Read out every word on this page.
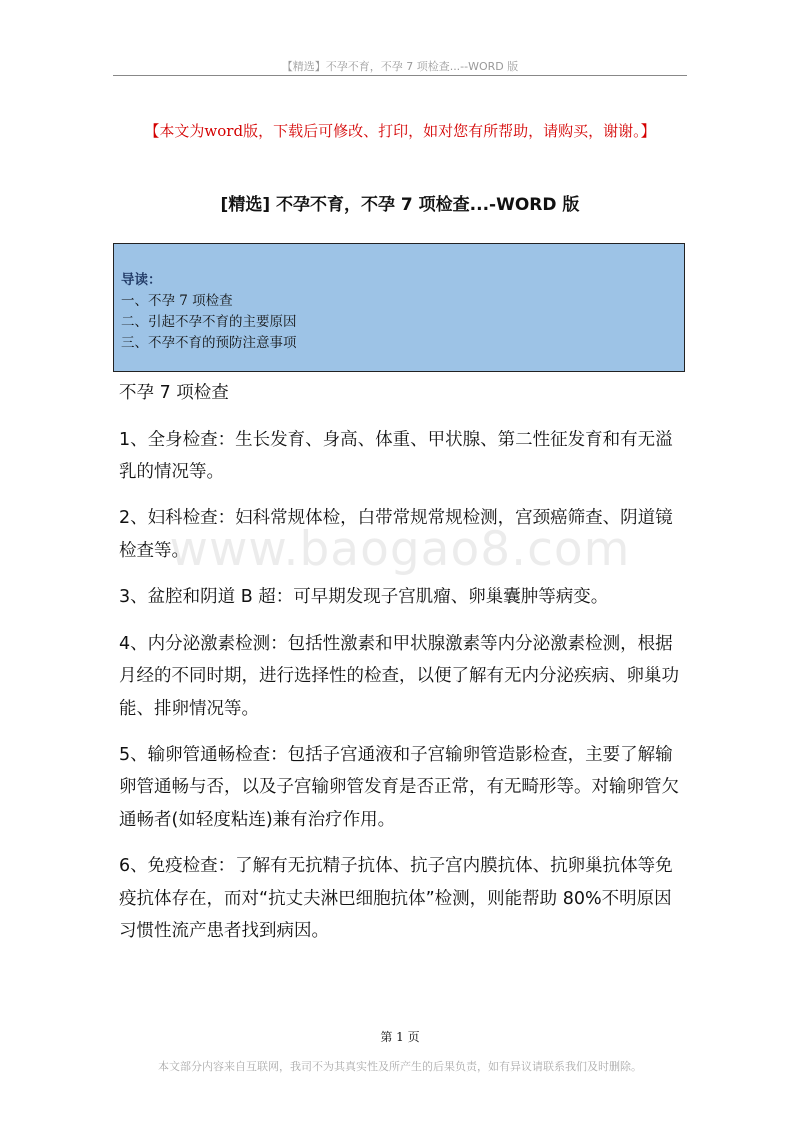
【精选】不孕不育，不孕 7 项检查...--WORD 版
【本文为word版，下载后可修改、打印，如对您有所帮助，请购买，谢谢。】
[精选] 不孕不育，不孕 7 项检查...-WORD 版
导读：
一、不孕 7 项检查
二、引起不孕不育的主要原因
三、不孕不育的预防注意事项
www.baogao8.com

不孕 7 项检查

1、全身检查：生长发育、身高、体重、甲状腺、第二性征发育和有无溢乳的情况等。

2、妇科检查：妇科常规体检，白带常规常规检测，宫颈癌筛查、阴道镜检查等。

3、盆腔和阴道 B 超：可早期发现子宫肌瘤、卵巢囊肿等病变。

4、内分泌激素检测：包括性激素和甲状腺激素等内分泌激素检测，根据月经的不同时期，进行选择性的检查，以便了解有无内分泌疾病、卵巢功能、排卵情况等。

5、输卵管通畅检查：包括子宫通液和子宫输卵管造影检查，主要了解输卵管通畅与否，以及子宫输卵管发育是否正常，有无畸形等。对输卵管欠通畅者(如轻度粘连)兼有治疗作用。

6、免疫检查：了解有无抗精子抗体、抗子宫内膜抗体、抗卵巢抗体等免疫抗体存在，而对“抗丈夫淋巴细胞抗体”检测，则能帮助 80%不明原因习惯性流产患者找到病因。

第 1 页
本文部分内容来自互联网，我司不为其真实性及所产生的后果负责，如有异议请联系我们及时删除。
